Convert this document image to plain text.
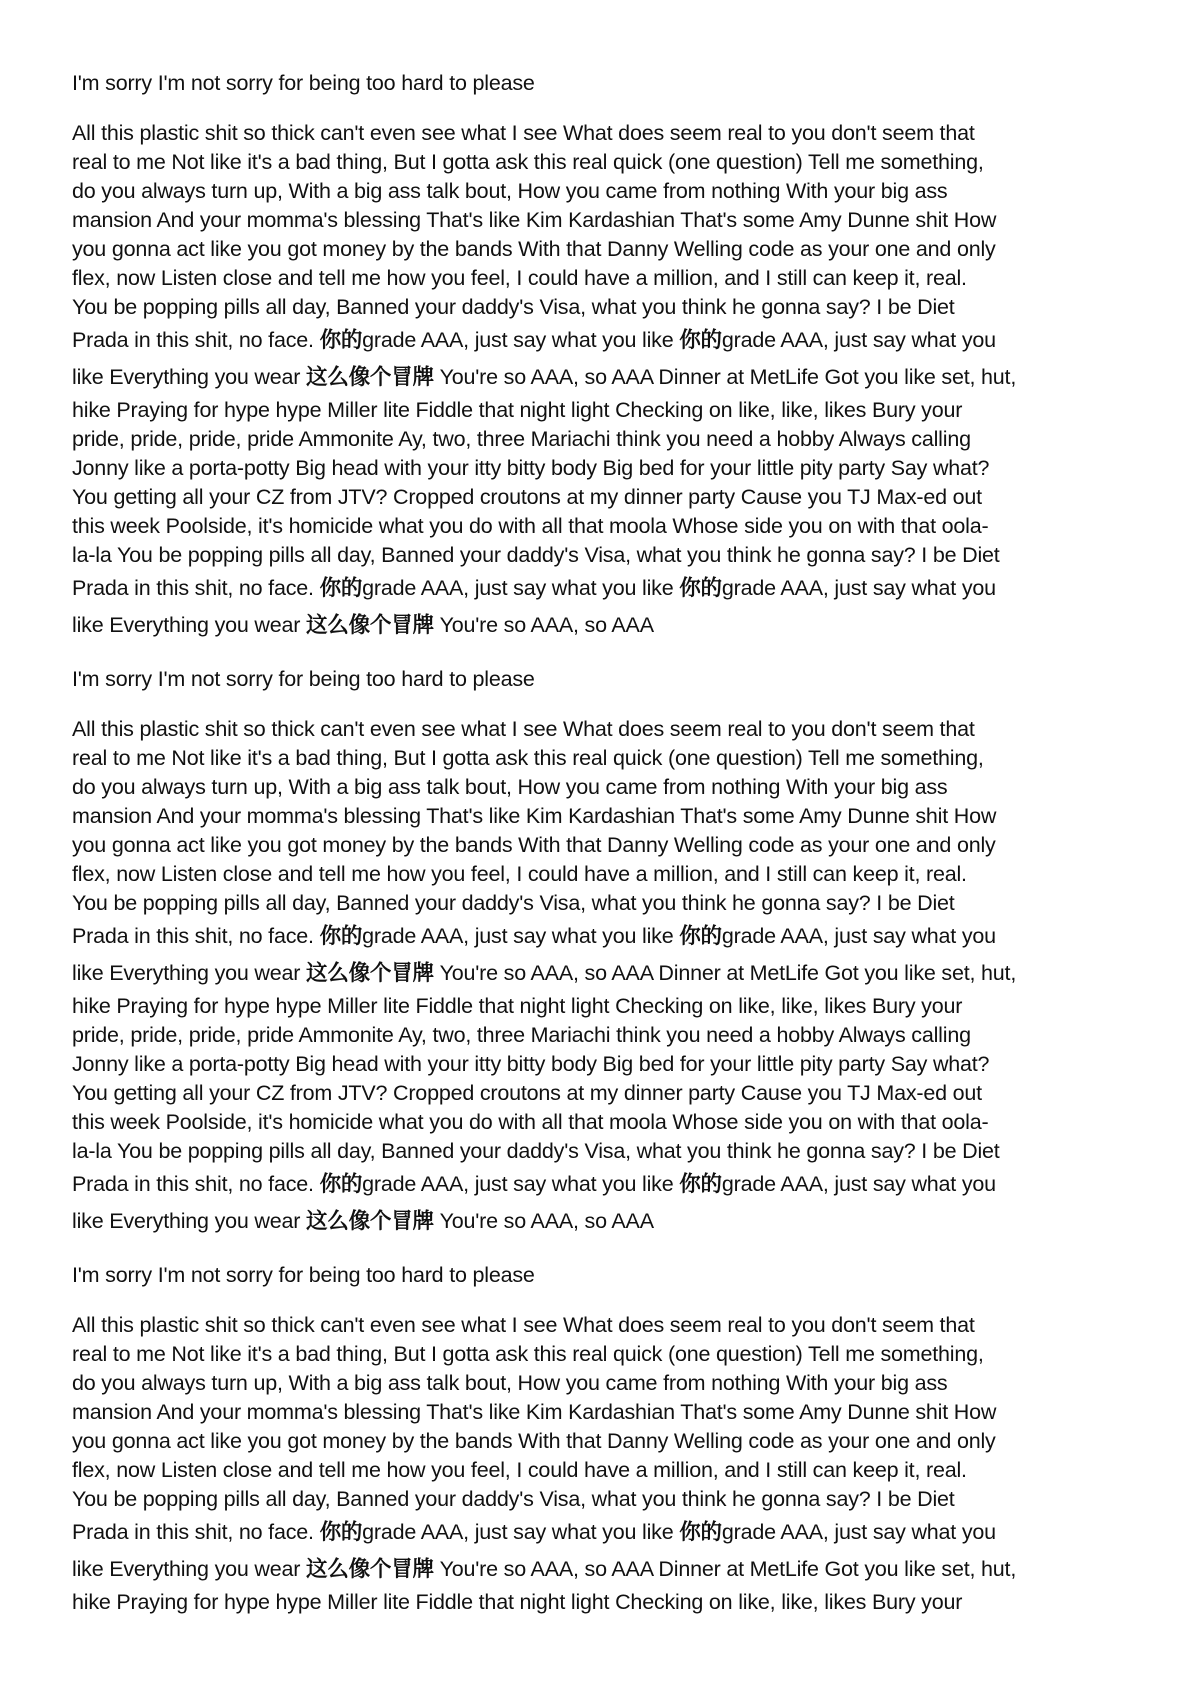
I'm sorry I'm not sorry for being too hard to please

All this plastic shit so thick can't even see what I see What does seem real to you don't seem that
real to me Not like it's a bad thing, But I gotta ask this real quick (one question) Tell me something,
do you always turn up, With a big ass talk bout, How you came from nothing With your big ass
mansion And your momma's blessing That's like Kim Kardashian That's some Amy Dunne shit How
you gonna act like you got money by the bands With that Danny Welling code as your one and only
flex, now Listen close and tell me how you feel, I could have a million, and I still can keep it, real.
You be popping pills all day, Banned your daddy's Visa, what you think he gonna say? I be Diet
Prada in this shit, no face. 你的grade AAA, just say what you like 你的grade AAA, just say what you
like Everything you wear 这么像个冒牌 You're so AAA, so AAA Dinner at MetLife Got you like set, hut,
hike Praying for hype hype Miller lite Fiddle that night light Checking on like, like, likes Bury your
pride, pride, pride, pride Ammonite Ay, two, three Mariachi think you need a hobby Always calling
Jonny like a porta-potty Big head with your itty bitty body Big bed for your little pity party Say what?
You getting all your CZ from JTV? Cropped croutons at my dinner party Cause you TJ Max-ed out
this week Poolside, it's homicide what you do with all that moola Whose side you on with that oola-
la-la You be popping pills all day, Banned your daddy's Visa, what you think he gonna say? I be Diet
Prada in this shit, no face. 你的grade AAA, just say what you like 你的grade AAA, just say what you
like Everything you wear 这么像个冒牌 You're so AAA, so AAA

I'm sorry I'm not sorry for being too hard to please

All this plastic shit so thick can't even see what I see What does seem real to you don't seem that
real to me Not like it's a bad thing, But I gotta ask this real quick (one question) Tell me something,
do you always turn up, With a big ass talk bout, How you came from nothing With your big ass
mansion And your momma's blessing That's like Kim Kardashian That's some Amy Dunne shit How
you gonna act like you got money by the bands With that Danny Welling code as your one and only
flex, now Listen close and tell me how you feel, I could have a million, and I still can keep it, real.
You be popping pills all day, Banned your daddy's Visa, what you think he gonna say? I be Diet
Prada in this shit, no face. 你的grade AAA, just say what you like 你的grade AAA, just say what you
like Everything you wear 这么像个冒牌 You're so AAA, so AAA Dinner at MetLife Got you like set, hut,
hike Praying for hype hype Miller lite Fiddle that night light Checking on like, like, likes Bury your
pride, pride, pride, pride Ammonite Ay, two, three Mariachi think you need a hobby Always calling
Jonny like a porta-potty Big head with your itty bitty body Big bed for your little pity party Say what?
You getting all your CZ from JTV? Cropped croutons at my dinner party Cause you TJ Max-ed out
this week Poolside, it's homicide what you do with all that moola Whose side you on with that oola-
la-la You be popping pills all day, Banned your daddy's Visa, what you think he gonna say? I be Diet
Prada in this shit, no face. 你的grade AAA, just say what you like 你的grade AAA, just say what you
like Everything you wear 这么像个冒牌 You're so AAA, so AAA

I'm sorry I'm not sorry for being too hard to please

All this plastic shit so thick can't even see what I see What does seem real to you don't seem that
real to me Not like it's a bad thing, But I gotta ask this real quick (one question) Tell me something,
do you always turn up, With a big ass talk bout, How you came from nothing With your big ass
mansion And your momma's blessing That's like Kim Kardashian That's some Amy Dunne shit How
you gonna act like you got money by the bands With that Danny Welling code as your one and only
flex, now Listen close and tell me how you feel, I could have a million, and I still can keep it, real.
You be popping pills all day, Banned your daddy's Visa, what you think he gonna say? I be Diet
Prada in this shit, no face. 你的grade AAA, just say what you like 你的grade AAA, just say what you
like Everything you wear 这么像个冒牌 You're so AAA, so AAA Dinner at MetLife Got you like set, hut,
hike Praying for hype hype Miller lite Fiddle that night light Checking on like, like, likes Bury your
